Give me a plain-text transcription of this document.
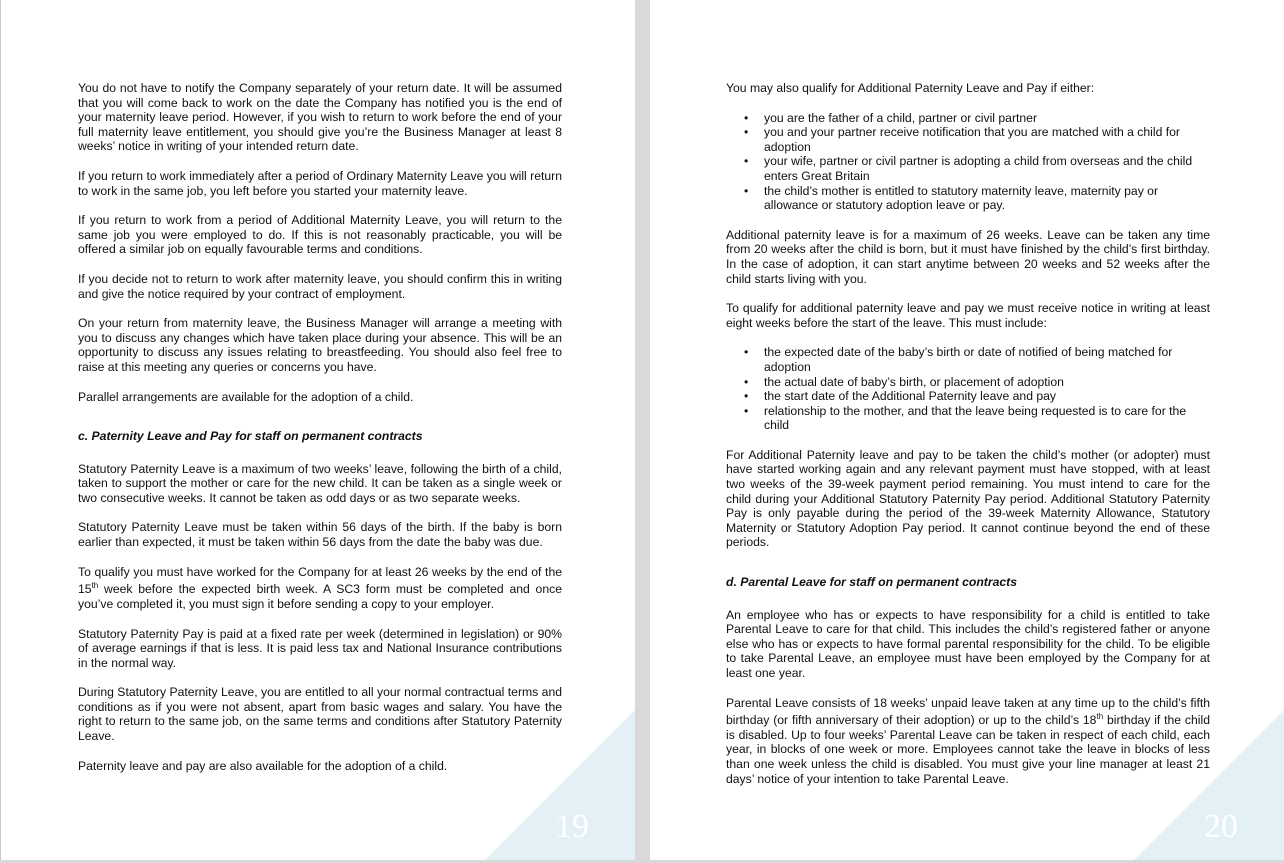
You do not have to notify the Company separately of your return date. It will be assumed that you will come back to work on the date the Company has notified you is the end of your maternity leave period. However, if you wish to return to work before the end of your full maternity leave entitlement, you should give you’re the Business Manager at least 8 weeks’ notice in writing of your intended return date.

If you return to work immediately after a period of Ordinary Maternity Leave you will return to work in the same job, you left before you started your maternity leave.

If you return to work from a period of Additional Maternity Leave, you will return to the same job you were employed to do. If this is not reasonably practicable, you will be offered a similar job on equally favourable terms and conditions.

If you decide not to return to work after maternity leave, you should confirm this in writing and give the notice required by your contract of employment.

On your return from maternity leave, the Business Manager will arrange a meeting with you to discuss any changes which have taken place during your absence. This will be an opportunity to discuss any issues relating to breastfeeding. You should also feel free to raise at this meeting any queries or concerns you have.

Parallel arrangements are available for the adoption of a child.

c. Paternity Leave and Pay for staff on permanent contracts

Statutory Paternity Leave is a maximum of two weeks’ leave, following the birth of a child, taken to support the mother or care for the new child. It can be taken as a single week or two consecutive weeks. It cannot be taken as odd days or as two separate weeks.

Statutory Paternity Leave must be taken within 56 days of the birth. If the baby is born earlier than expected, it must be taken within 56 days from the date the baby was due.

To qualify you must have worked for the Company for at least 26 weeks by the end of the 15th week before the expected birth week. A SC3 form must be completed and once you’ve completed it, you must sign it before sending a copy to your employer.

Statutory Paternity Pay is paid at a fixed rate per week (determined in legislation) or 90% of average earnings if that is less. It is paid less tax and National Insurance contributions in the normal way.

During Statutory Paternity Leave, you are entitled to all your normal contractual terms and conditions as if you were not absent, apart from basic wages and salary. You have the right to return to the same job, on the same terms and conditions after Statutory Paternity Leave.

Paternity leave and pay are also available for the adoption of a child.

19

You may also qualify for Additional Paternity Leave and Pay if either:

• you are the father of a child, partner or civil partner
• you and your partner receive notification that you are matched with a child for adoption
• your wife, partner or civil partner is adopting a child from overseas and the child enters Great Britain
• the child’s mother is entitled to statutory maternity leave, maternity pay or allowance or statutory adoption leave or pay.

Additional paternity leave is for a maximum of 26 weeks. Leave can be taken any time from 20 weeks after the child is born, but it must have finished by the child’s first birthday. In the case of adoption, it can start anytime between 20 weeks and 52 weeks after the child starts living with you.

To qualify for additional paternity leave and pay we must receive notice in writing at least eight weeks before the start of the leave. This must include:

• the expected date of the baby’s birth or date of notified of being matched for adoption
• the actual date of baby’s birth, or placement of adoption
• the start date of the Additional Paternity leave and pay
• relationship to the mother, and that the leave being requested is to care for the child

For Additional Paternity leave and pay to be taken the child’s mother (or adopter) must have started working again and any relevant payment must have stopped, with at least two weeks of the 39-week payment period remaining. You must intend to care for the child during your Additional Statutory Paternity Pay period. Additional Statutory Paternity Pay is only payable during the period of the 39-week Maternity Allowance, Statutory Maternity or Statutory Adoption Pay period. It cannot continue beyond the end of these periods.

d. Parental Leave for staff on permanent contracts

An employee who has or expects to have responsibility for a child is entitled to take Parental Leave to care for that child. This includes the child’s registered father or anyone else who has or expects to have formal parental responsibility for the child. To be eligible to take Parental Leave, an employee must have been employed by the Company for at least one year.

Parental Leave consists of 18 weeks’ unpaid leave taken at any time up to the child’s fifth birthday (or fifth anniversary of their adoption) or up to the child’s 18th birthday if the child is disabled. Up to four weeks’ Parental Leave can be taken in respect of each child, each year, in blocks of one week or more. Employees cannot take the leave in blocks of less than one week unless the child is disabled. You must give your line manager at least 21 days’ notice of your intention to take Parental Leave.

20
